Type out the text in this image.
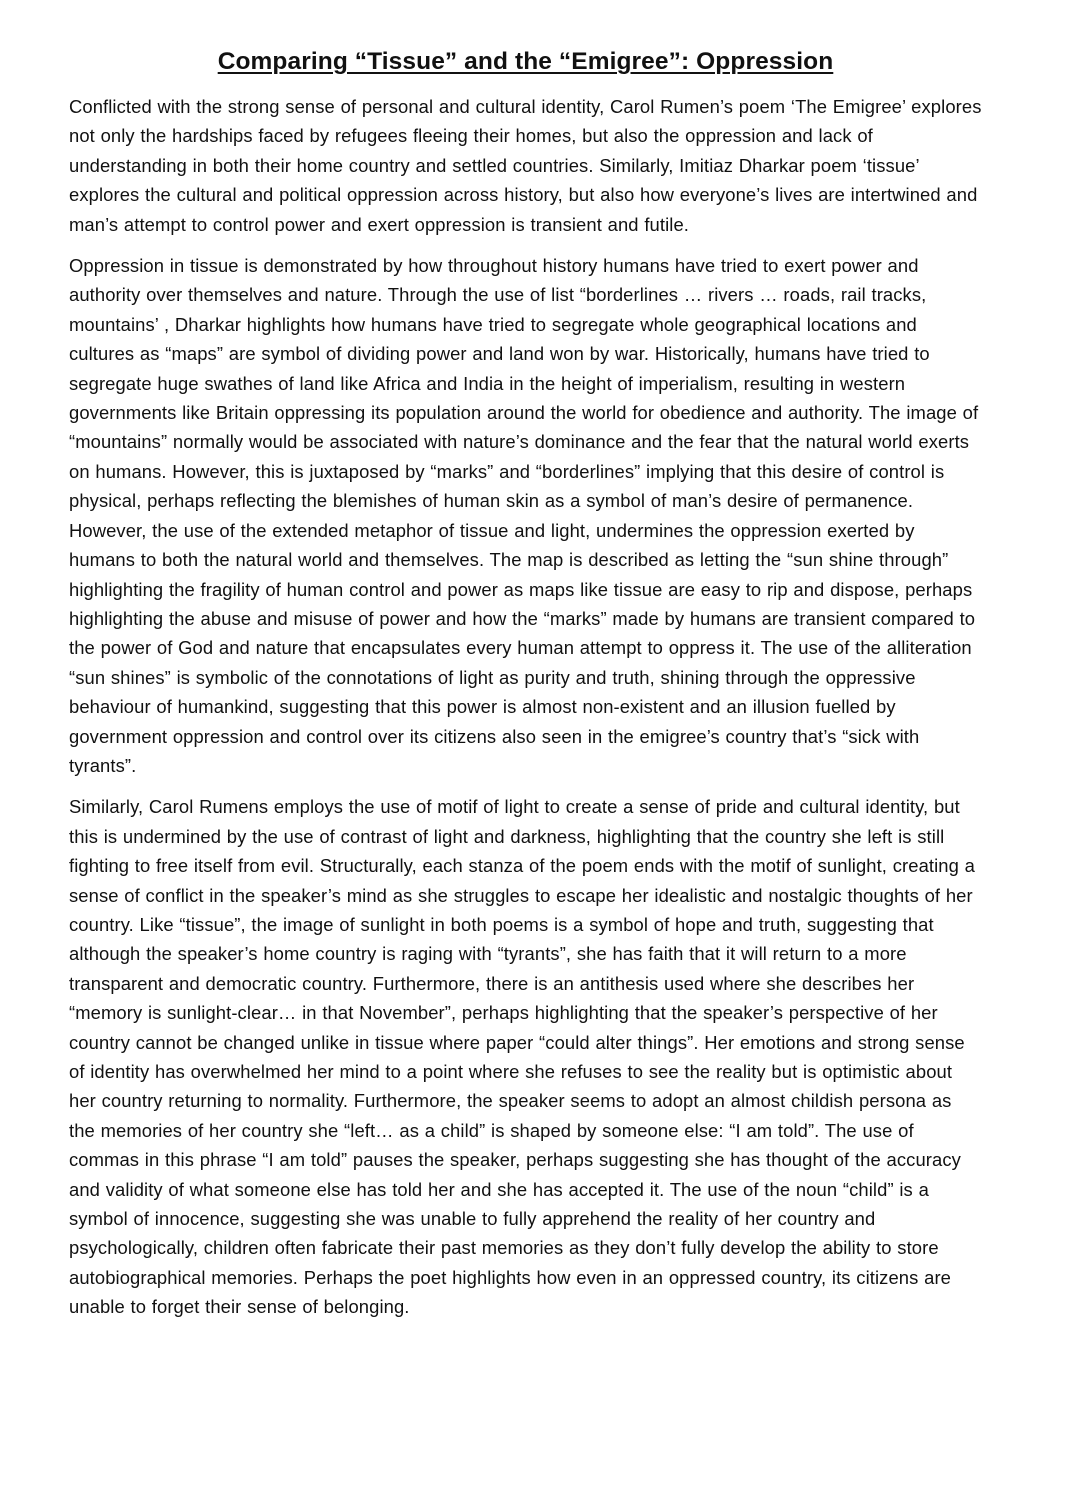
Comparing “Tissue” and the “Emigree”: Oppression

Conflicted with the strong sense of personal and cultural identity, Carol Rumen’s poem ‘The Emigree’ explores not only the hardships faced by refugees fleeing their homes, but also the oppression and lack of understanding in both their home country and settled countries. Similarly, Imitiaz Dharkar poem ‘tissue’ explores the cultural and political oppression across history, but also how everyone’s lives are intertwined and man’s attempt to control power and exert oppression is transient and futile.

Oppression in tissue is demonstrated by how throughout history humans have tried to exert power and authority over themselves and nature. Through the use of list “borderlines … rivers … roads, rail tracks, mountains’ , Dharkar highlights how humans have tried to segregate whole geographical locations and cultures as “maps” are symbol of dividing power and land won by war. Historically, humans have tried to segregate huge swathes of land like Africa and India in the height of imperialism, resulting in western governments like Britain oppressing its population around the world for obedience and authority. The image of “mountains” normally would be associated with nature’s dominance and the fear that the natural world exerts on humans. However, this is juxtaposed by “marks” and “borderlines” implying that this desire of control is physical, perhaps reflecting the blemishes of human skin as a symbol of man’s desire of permanence. However, the use of the extended metaphor of tissue and light, undermines the oppression exerted by humans to both the natural world and themselves. The map is described as letting the “sun shine through” highlighting the fragility of human control and power as maps like tissue are easy to rip and dispose, perhaps highlighting the abuse and misuse of power and how the “marks” made by humans are transient compared to the power of God and nature that encapsulates every human attempt to oppress it. The use of the alliteration “sun shines” is symbolic of the connotations of light as purity and truth, shining through the oppressive behaviour of humankind, suggesting that this power is almost non-existent and an illusion fuelled by government oppression and control over its citizens also seen in the emigree’s country that’s “sick with tyrants”.

Similarly, Carol Rumens employs the use of motif of light to create a sense of pride and cultural identity, but this is undermined by the use of contrast of light and darkness, highlighting that the country she left is still fighting to free itself from evil. Structurally, each stanza of the poem ends with the motif of sunlight, creating a sense of conflict in the speaker’s mind as she struggles to escape her idealistic and nostalgic thoughts of her country. Like “tissue”, the image of sunlight in both poems is a symbol of hope and truth, suggesting that although the speaker’s home country is raging with “tyrants”, she has faith that it will return to a more transparent and democratic country. Furthermore, there is an antithesis used where she describes her “memory is sunlight-clear… in that November”, perhaps highlighting that the speaker’s perspective of her country cannot be changed unlike in tissue where paper “could alter things”. Her emotions and strong sense of identity has overwhelmed her mind to a point where she refuses to see the reality but is optimistic about her country returning to normality. Furthermore, the speaker seems to adopt an almost childish persona as the memories of her country she “left… as a child” is shaped by someone else: “I am told”. The use of commas in this phrase “I am told” pauses the speaker, perhaps suggesting she has thought of the accuracy and validity of what someone else has told her and she has accepted it. The use of the noun “child” is a symbol of innocence, suggesting she was unable to fully apprehend the reality of her country and psychologically, children often fabricate their past memories as they don’t fully develop the ability to store autobiographical memories. Perhaps the poet highlights how even in an oppressed country, its citizens are unable to forget their sense of belonging.
